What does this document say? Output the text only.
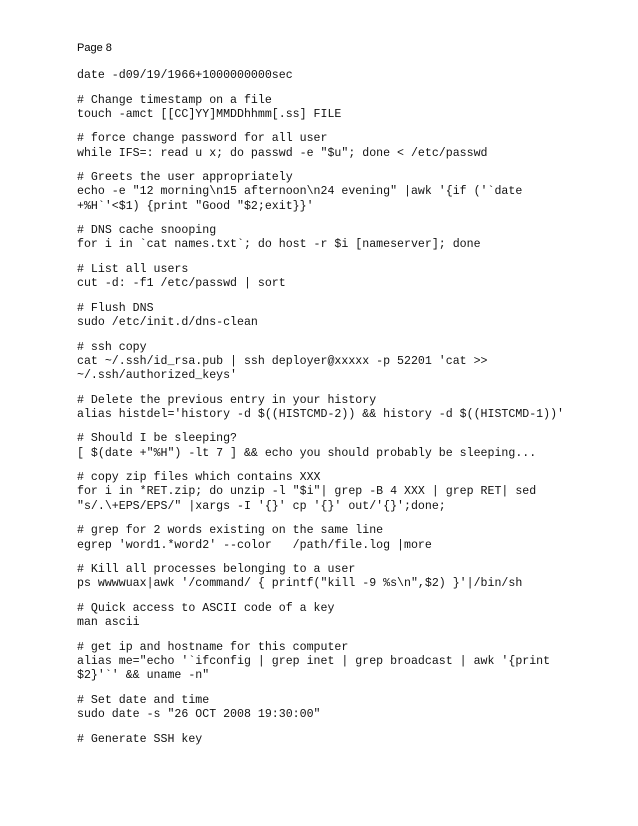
Page 8
date -d09/19/1966+1000000000sec
# Change timestamp on a file
touch -amct [[CC]YY]MMDDhhmm[.ss] FILE
# force change password for all user
while IFS=: read u x; do passwd -e "$u"; done < /etc/passwd
# Greets the user appropriately
echo -e "12 morning\n15 afternoon\n24 evening" |awk '{if ('`date
+%H`'<$1) {print "Good "$2;exit}}'
# DNS cache snooping
for i in `cat names.txt`; do host -r $i [nameserver]; done
# List all users
cut -d: -f1 /etc/passwd | sort
# Flush DNS
sudo /etc/init.d/dns-clean
# ssh copy
cat ~/.ssh/id_rsa.pub | ssh deployer@xxxxx -p 52201 'cat >>
~/.ssh/authorized_keys'
# Delete the previous entry in your history
alias histdel='history -d $((HISTCMD-2)) && history -d $((HISTCMD-1))'
# Should I be sleeping?
[ $(date +"%H") -lt 7 ] && echo you should probably be sleeping...
# copy zip files which contains XXX
for i in *RET.zip; do unzip -l "$i"| grep -B 4 XXX | grep RET| sed
"s/.\+EPS/EPS/" |xargs -I '{}' cp '{}' out/'{}';done;
# grep for 2 words existing on the same line
egrep 'word1.*word2' --color   /path/file.log |more
# Kill all processes belonging to a user
ps wwwwuax|awk '/command/ { printf("kill -9 %s\n",$2) }'|/bin/sh
# Quick access to ASCII code of a key
man ascii
# get ip and hostname for this computer
alias me="echo '`ifconfig | grep inet | grep broadcast | awk '{print
$2}'`' && uname -n"
# Set date and time
sudo date -s "26 OCT 2008 19:30:00"
# Generate SSH key
